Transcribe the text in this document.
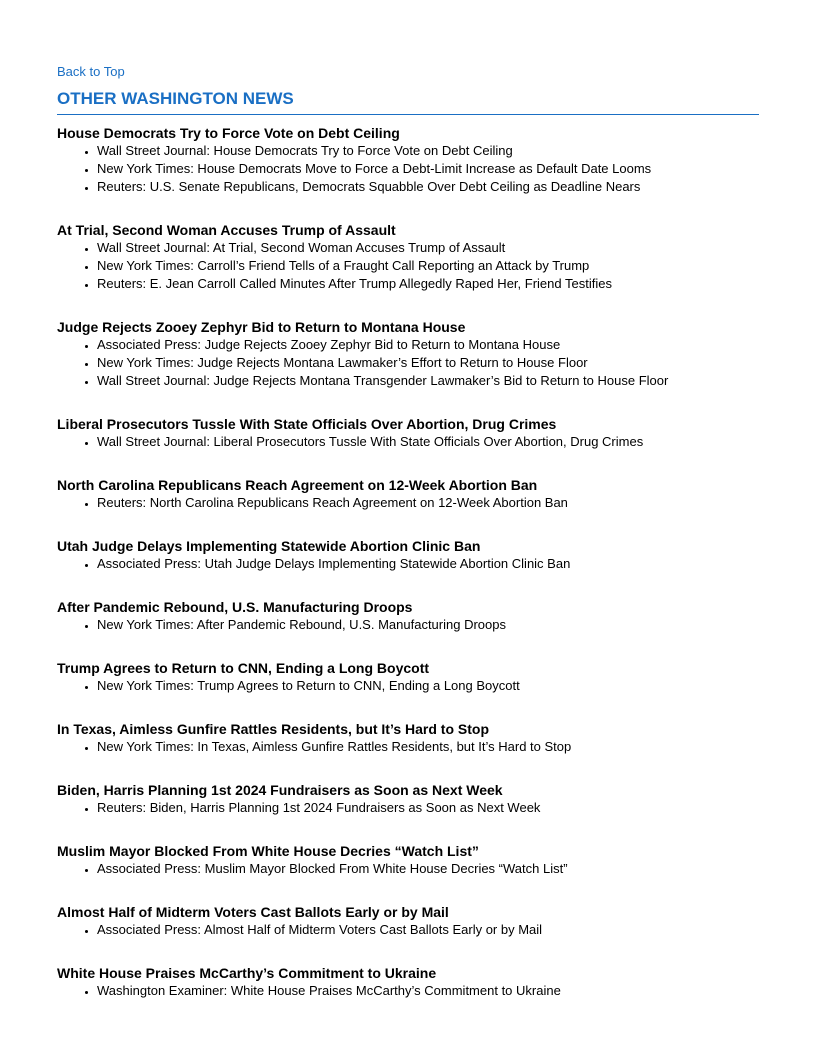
Back to Top
OTHER WASHINGTON NEWS
House Democrats Try to Force Vote on Debt Ceiling
• Wall Street Journal: House Democrats Try to Force Vote on Debt Ceiling
• New York Times: House Democrats Move to Force a Debt-Limit Increase as Default Date Looms
• Reuters: U.S. Senate Republicans, Democrats Squabble Over Debt Ceiling as Deadline Nears
At Trial, Second Woman Accuses Trump of Assault
• Wall Street Journal: At Trial, Second Woman Accuses Trump of Assault
• New York Times: Carroll’s Friend Tells of a Fraught Call Reporting an Attack by Trump
• Reuters: E. Jean Carroll Called Minutes After Trump Allegedly Raped Her, Friend Testifies
Judge Rejects Zooey Zephyr Bid to Return to Montana House
• Associated Press: Judge Rejects Zooey Zephyr Bid to Return to Montana House
• New York Times: Judge Rejects Montana Lawmaker’s Effort to Return to House Floor
• Wall Street Journal: Judge Rejects Montana Transgender Lawmaker’s Bid to Return to House Floor
Liberal Prosecutors Tussle With State Officials Over Abortion, Drug Crimes
• Wall Street Journal: Liberal Prosecutors Tussle With State Officials Over Abortion, Drug Crimes
North Carolina Republicans Reach Agreement on 12-Week Abortion Ban
• Reuters: North Carolina Republicans Reach Agreement on 12-Week Abortion Ban
Utah Judge Delays Implementing Statewide Abortion Clinic Ban
• Associated Press: Utah Judge Delays Implementing Statewide Abortion Clinic Ban
After Pandemic Rebound, U.S. Manufacturing Droops
• New York Times: After Pandemic Rebound, U.S. Manufacturing Droops
Trump Agrees to Return to CNN, Ending a Long Boycott
• New York Times: Trump Agrees to Return to CNN, Ending a Long Boycott
In Texas, Aimless Gunfire Rattles Residents, but It’s Hard to Stop
• New York Times: In Texas, Aimless Gunfire Rattles Residents, but It’s Hard to Stop
Biden, Harris Planning 1st 2024 Fundraisers as Soon as Next Week
• Reuters: Biden, Harris Planning 1st 2024 Fundraisers as Soon as Next Week
Muslim Mayor Blocked From White House Decries “Watch List”
• Associated Press: Muslim Mayor Blocked From White House Decries “Watch List”
Almost Half of Midterm Voters Cast Ballots Early or by Mail
• Associated Press: Almost Half of Midterm Voters Cast Ballots Early or by Mail
White House Praises McCarthy’s Commitment to Ukraine
• Washington Examiner: White House Praises McCarthy’s Commitment to Ukraine
